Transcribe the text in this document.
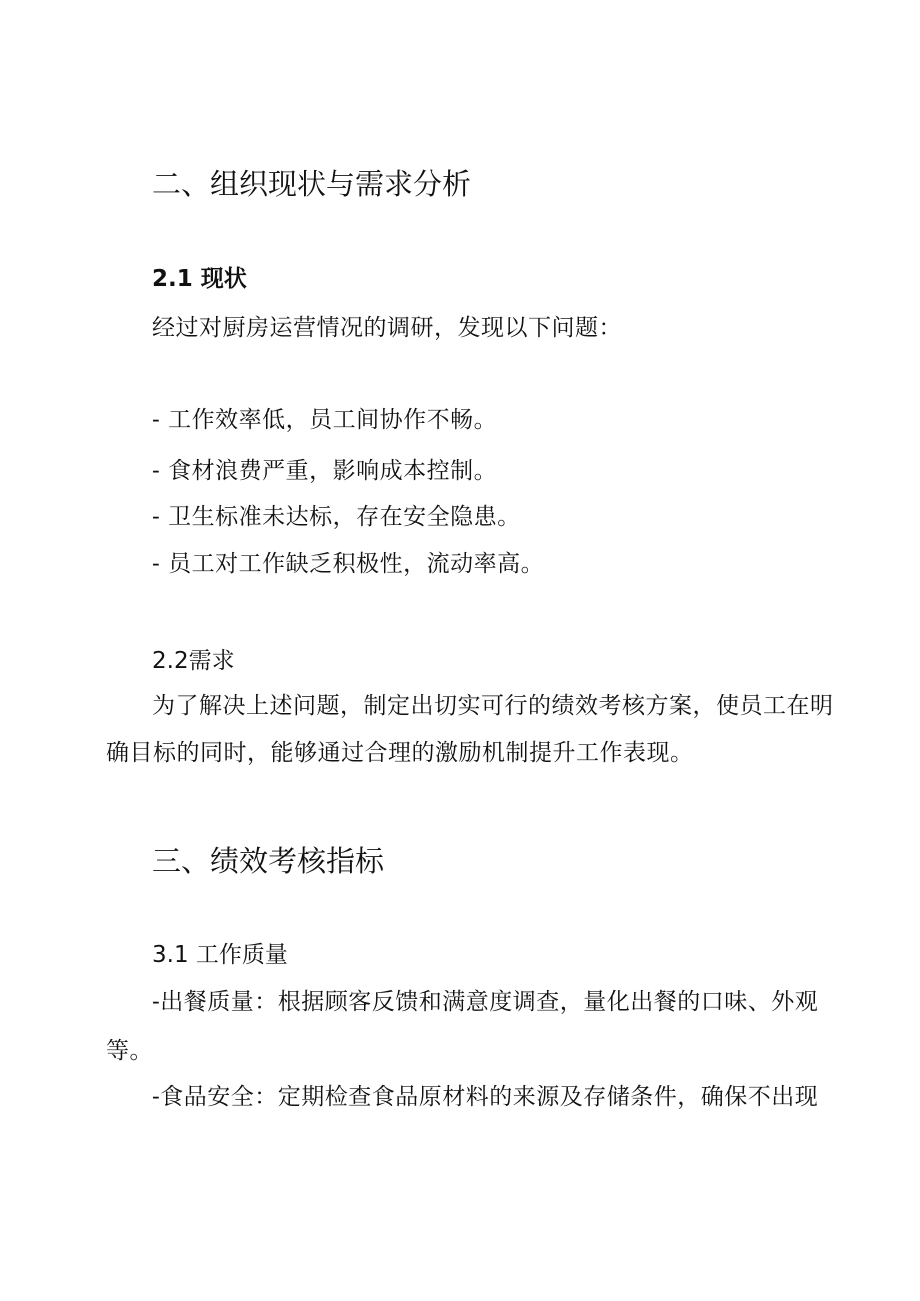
二、组织现状与需求分析
2.1 现状
经过对厨房运营情况的调研，发现以下问题：
- 工作效率低，员工间协作不畅。
- 食材浪费严重，影响成本控制。
- 卫生标准未达标，存在安全隐患。
- 员工对工作缺乏积极性，流动率高。
2.2需求
为了解决上述问题，制定出切实可行的绩效考核方案，使员工在明
确目标的同时，能够通过合理的激励机制提升工作表现。
三、绩效考核指标
3.1 工作质量
-出餐质量：根据顾客反馈和满意度调查，量化出餐的口味、外观
等。
-食品安全：定期检查食品原材料的来源及存储条件，确保不出现
